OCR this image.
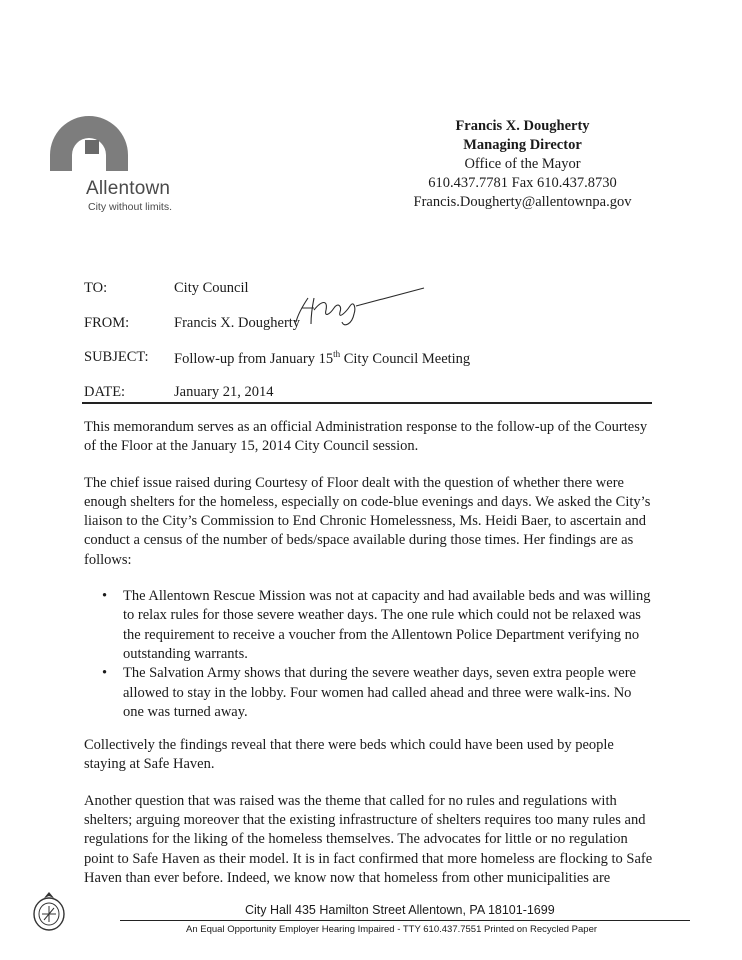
Allentown
City without limits.
Francis X. Dougherty
Managing Director
Office of the Mayor
610.437.7781 Fax 610.437.8730
Francis.Dougherty@allentownpa.gov
TO:	City Council
FROM:	Francis X. Dougherty
SUBJECT: Follow-up from January 15th City Council Meeting
DATE:	January 21, 2014

This memorandum serves as an official Administration response to the follow-up of the Courtesy of the Floor at the January 15, 2014 City Council session.

The chief issue raised during Courtesy of Floor dealt with the question of whether there were enough shelters for the homeless, especially on code-blue evenings and days. We asked the City’s liaison to the City’s Commission to End Chronic Homelessness, Ms. Heidi Baer, to ascertain and conduct a census of the number of beds/space available during those times. Her findings are as follows:

• The Allentown Rescue Mission was not at capacity and had available beds and was willing to relax rules for those severe weather days. The one rule which could not be relaxed was the requirement to receive a voucher from the Allentown Police Department verifying no outstanding warrants.
• The Salvation Army shows that during the severe weather days, seven extra people were allowed to stay in the lobby. Four women had called ahead and three were walk-ins. No one was turned away.

Collectively the findings reveal that there were beds which could have been used by people staying at Safe Haven.

Another question that was raised was the theme that called for no rules and regulations with shelters; arguing moreover that the existing infrastructure of shelters requires too many rules and regulations for the liking of the homeless themselves. The advocates for little or no regulation point to Safe Haven as their model. It is in fact confirmed that more homeless are flocking to Safe Haven than ever before. Indeed, we know now that homeless from other municipalities are

City Hall 435 Hamilton Street Allentown, PA 18101-1699
An Equal Opportunity Employer Hearing Impaired - TTY 610.437.7551 Printed on Recycled Paper
